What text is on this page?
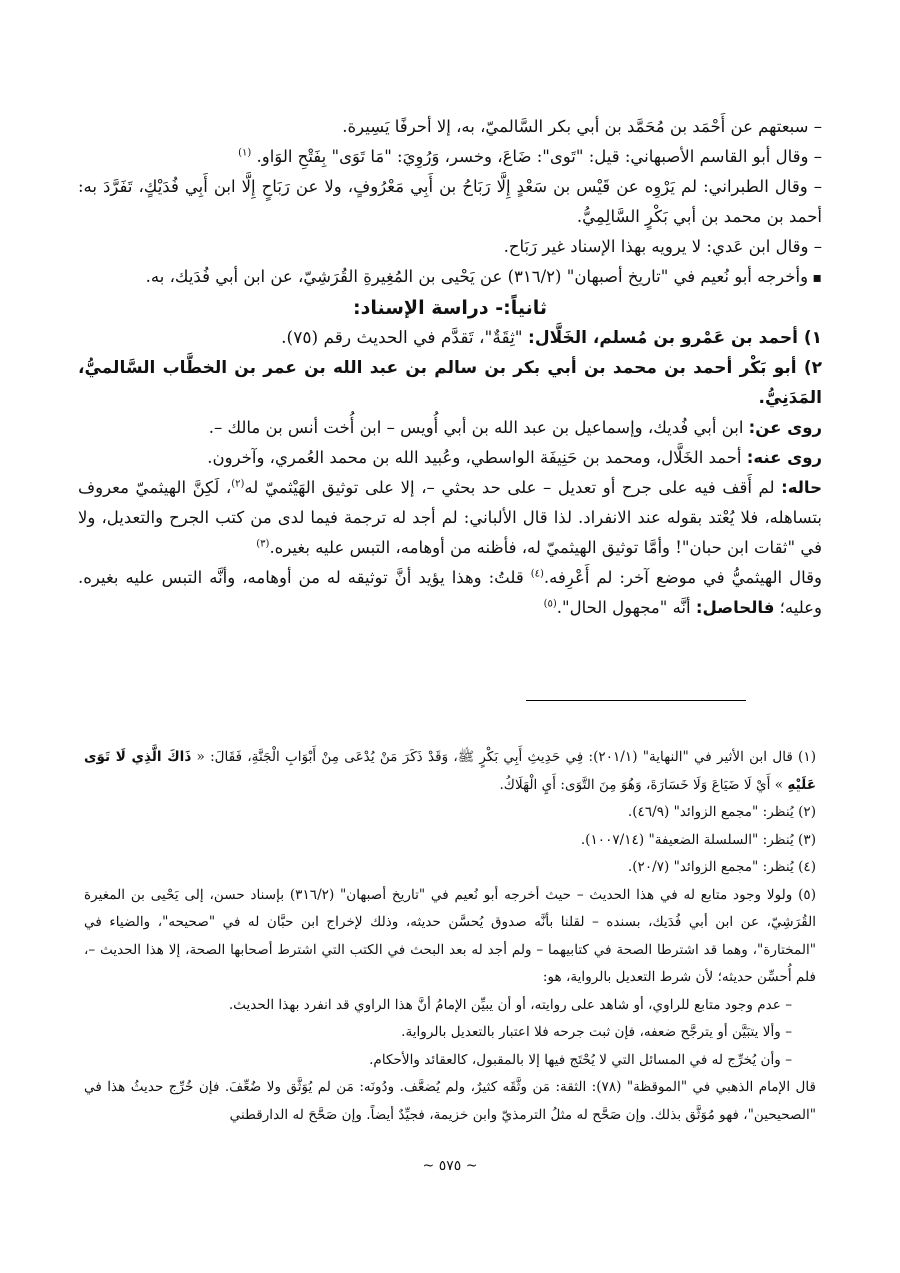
– سبعتهم عن أَحْمَد بن مُحَمَّد بن أبي بكر السَّالميّ، به، إلا أحرفًا يَسِيرة.

– وقال أبو القاسم الأصبهاني: قيل: "تَوى": ضَاعَ، وخسر، وَرُوِيَ: "مَا تَوَى" بِفَتْحِ الوَاو. $^{(١)}$

– وقال الطبراني: لم يَرْوِه عن قَيْس بن سَعْدٍ إِلَّا رَبَاحُ بن أَبِي مَعْرُوفٍ، ولا عن رَبَاحٍ إِلَّا ابن أَبِي فُدَيْكٍ، تَفَرَّدَ به: أحمد بن محمد بن أبي بَكْرٍ السَّالِمِيُّ.

– وقال ابن عَدي: لا يرويه بهذا الإسناد غير رَبَاح.

▪ وأخرجه أبو نُعيم في "تاريخ أصبهان" (٣١٦/٢) عن يَحْيى بن المُغِيرةِ القُرَشِيّ، عن ابن أبي فُدَيك، به.

ثانياً:- دراسة الإسناد:

١) أحمد بن عَمْرو بن مُسلم، الخَلَّال: "ثِقَةٌ"، تَقدَّم في الحديث رقم (٧٥).

٢) أبو بَكْر أحمد بن محمد بن أبي بكر بن سالم بن عبد الله بن عمر بن الخطَّاب السَّالميُّ، المَدَنِيُّ.

روى عن: ابن أبي فُديك، وإسماعيل بن عبد الله بن أبي أُويس – ابن أُخت أنس بن مالك –.

روى عنه: أحمد الخَلَّال، ومحمد بن حَنِيفَة الواسطي، وعُبيد الله بن محمد العُمري، وآخرون.

حاله: لم أَقف فيه على جرح أو تعديل – على حد بحثي –، إلا على توثيق الهَيْثميّ له$^{(٢)}$، لَكِنَّ الهيثميّ معروف بتساهله، فلا يُعْتد بقوله عند الانفراد. لذا قال الألباني: لم أجد له ترجمة فيما لدى من كتب الجرح والتعديل، ولا في "ثقات ابن حبان"! وأمَّا توثيق الهيثميّ له، فأظنه من أوهامه، التبس عليه بغيره.$^{(٣)}$

وقال الهيثميُّ في موضع آخر: لم أَعْرِفه.$^{(٤)}$ قلتُ: وهذا يؤيد أنَّ توثيقه له من أوهامه، وأنَّه التبس عليه بغيره. وعليه؛ فالحاصل: أنَّه "مجهول الحال".$^{(٥)}$

(١) قال ابن الأثير في "النهاية" (٢٠١/١): فِي حَدِيثِ أَبِي بَكْرٍ ﷺ، وَقَدْ ذَكَرَ مَنْ يُدْعَى مِنْ أَبْوَابِ الْجَنَّةِ، فَقَالَ: « ذَاكَ الَّذِي لَا تَوَى عَلَيْهِ » أَيْ لَا ضَيَاعَ وَلَا خَسَارَةَ، وَهُوَ مِنَ التَّوَى: أَيِ الْهَلَاكُ.

(٢) يُنظر: "مجمع الزوائد" (٤٦/٩).

(٣) يُنظر: "السلسلة الضعيفة" (١٠٠٧/١٤).

(٤) يُنظر: "مجمع الزوائد" (٢٠/٧).

(٥) ولولا وجود متابع له في هذا الحديث – حيث أخرجه أبو نُعيم في "تاريخ أصبهان" (٣١٦/٢) بإسناد حسن، إلى يَحْيى بن المغيرة القُرَشِيّ، عن ابن أبي فُدَيك، بسنده – لقلنا بأنَّه صدوق يُحسَّن حديثه، وذلك لإخراج ابن حبَّان له في "صحيحه"، والضياء في "المختارة"، وهما قد اشترطا الصحة في كتابيهما – ولم أجد له بعد البحث في الكتب التي اشترط أصحابها الصحة، إلا هذا الحديث –، فلم أُحسِّن حديثه؛ لأن شرط التعديل بالرواية، هو:

– عدم وجود متابع للراوي، أو شاهد على روايته، أو أن يبيِّن الإمامُ أنَّ هذا الراوي قد انفرد بهذا الحديث.

– وألا يتبَيَّن أو يترجَّح ضعفه، فإن ثبت جرحه فلا اعتبار بالتعديل بالرواية.

– وأن يُخرِّج له في المسائل التي لا يُحْتَج فيها إلا بالمقبول، كالعقائد والأحكام.

قال الإمام الذهبي في "الموقظة" (٧٨): الثقة: مَن وثَّقَه كثيرٌ، ولم يُضعَّف. ودُونَه: مَن لم يُوَثَّق ولا ضُعِّفَ. فإن خُرِّج حديثُ هذا في "الصحيحين"، فهو مُوَثَّق بذلك. وإن صَحَّح له مثلُ الترمذيّ وابن خزيمة، فجيِّدٌ أيضاً. وإن صَحَّحَ له الدارقطني

~ ٥٧٥ ~
